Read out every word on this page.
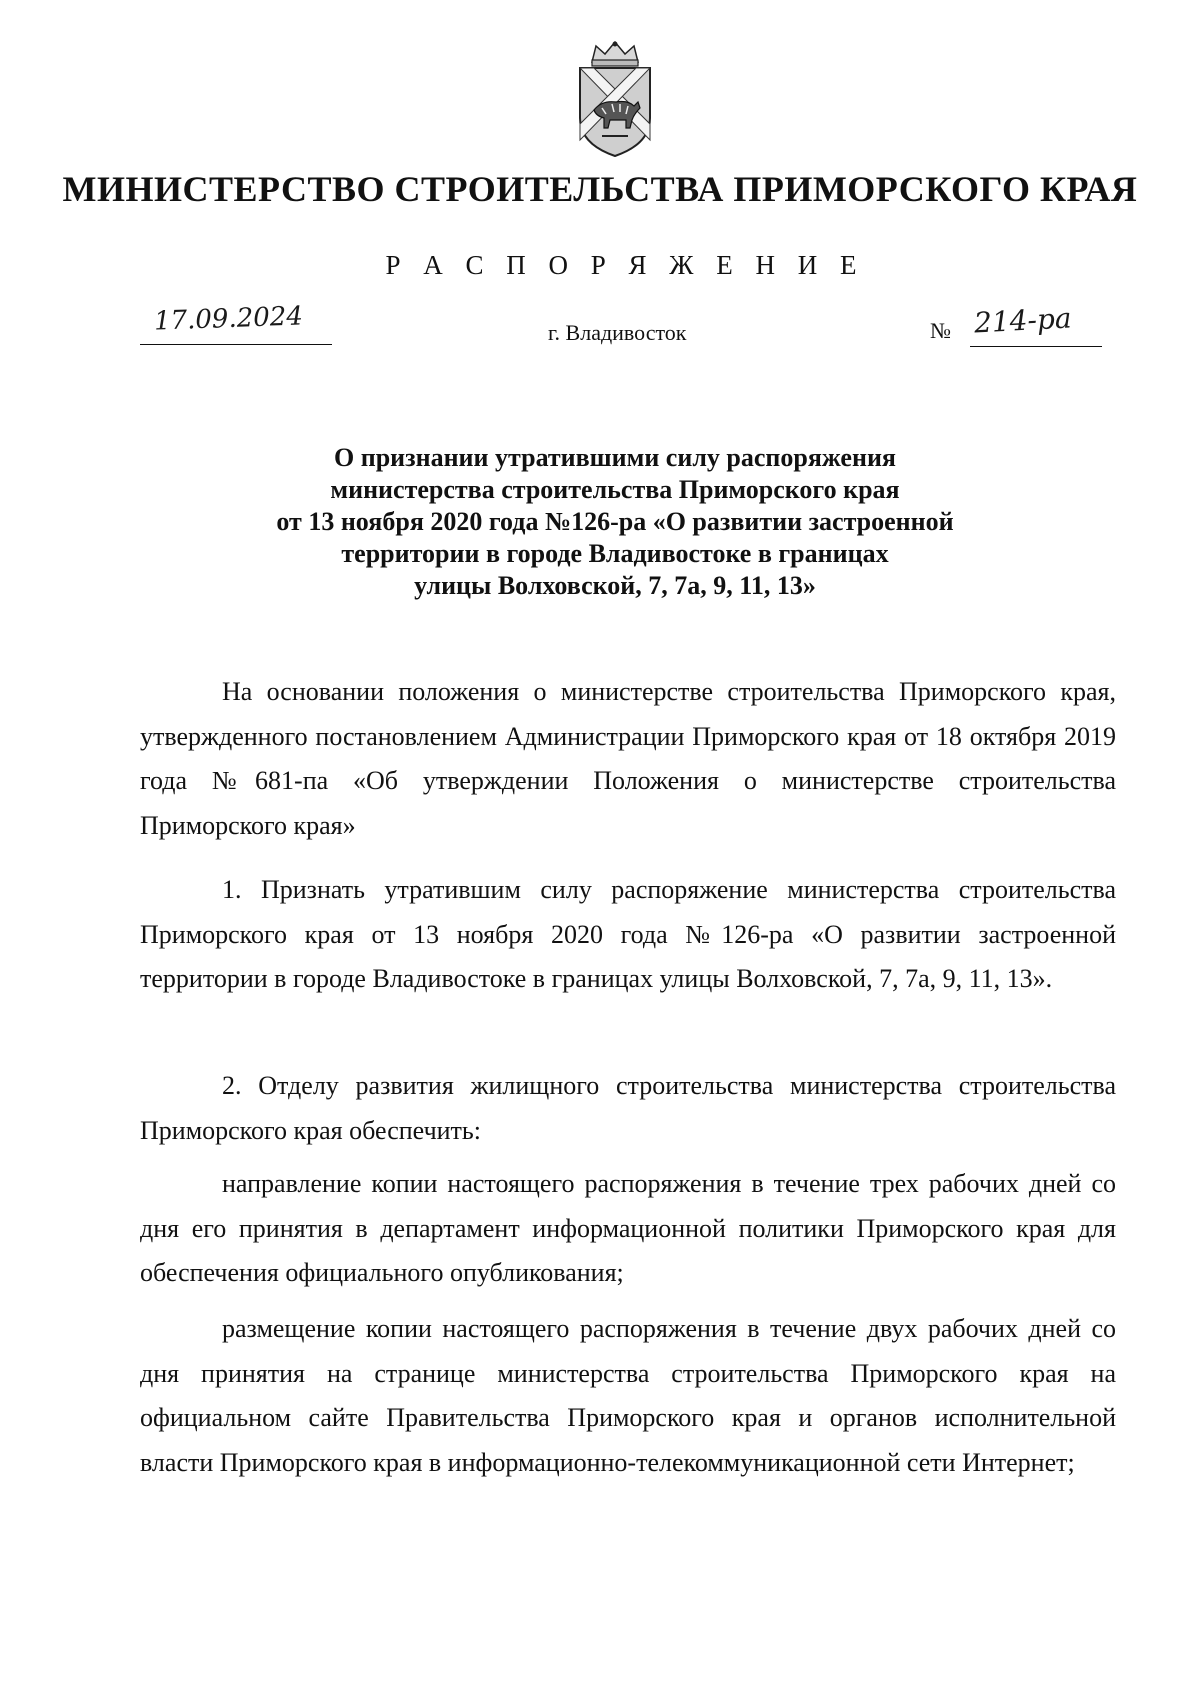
МИНИСТЕРСТВО СТРОИТЕЛЬСТВА ПРИМОРСКОГО КРАЯ
Р А С П О Р Я Ж Е Н И Е
17.09.2024	г. Владивосток	№ 214-ра
О признании утратившими силу распоряжения
министерства строительства Приморского края
от 13 ноября 2020 года №126-ра «О развитии застроенной
территории в городе Владивостоке в границах
улицы Волховской, 7, 7а, 9, 11, 13»

На основании положения о министерстве строительства Приморского края, утвержденного постановлением Администрации Приморского края от 18 октября 2019 года №681-па «Об утверждении Положения о министерстве строительства Приморского края»

1. Признать утратившим силу распоряжение министерства строительства Приморского края от 13 ноября 2020 года №126-ра «О развитии застроенной территории в городе Владивостоке в границах улицы Волховской, 7, 7а, 9, 11, 13».

2. Отделу развития жилищного строительства министерства строительства Приморского края обеспечить:

направление копии настоящего распоряжения в течение трех рабочих дней со дня его принятия в департамент информационной политики Приморского края для обеспечения официального опубликования;

размещение копии настоящего распоряжения в течение двух рабочих дней со дня принятия на странице министерства строительства Приморского края на официальном сайте Правительства Приморского края и органов исполнительной власти Приморского края в информационно-телекоммуникационной сети Интернет;
